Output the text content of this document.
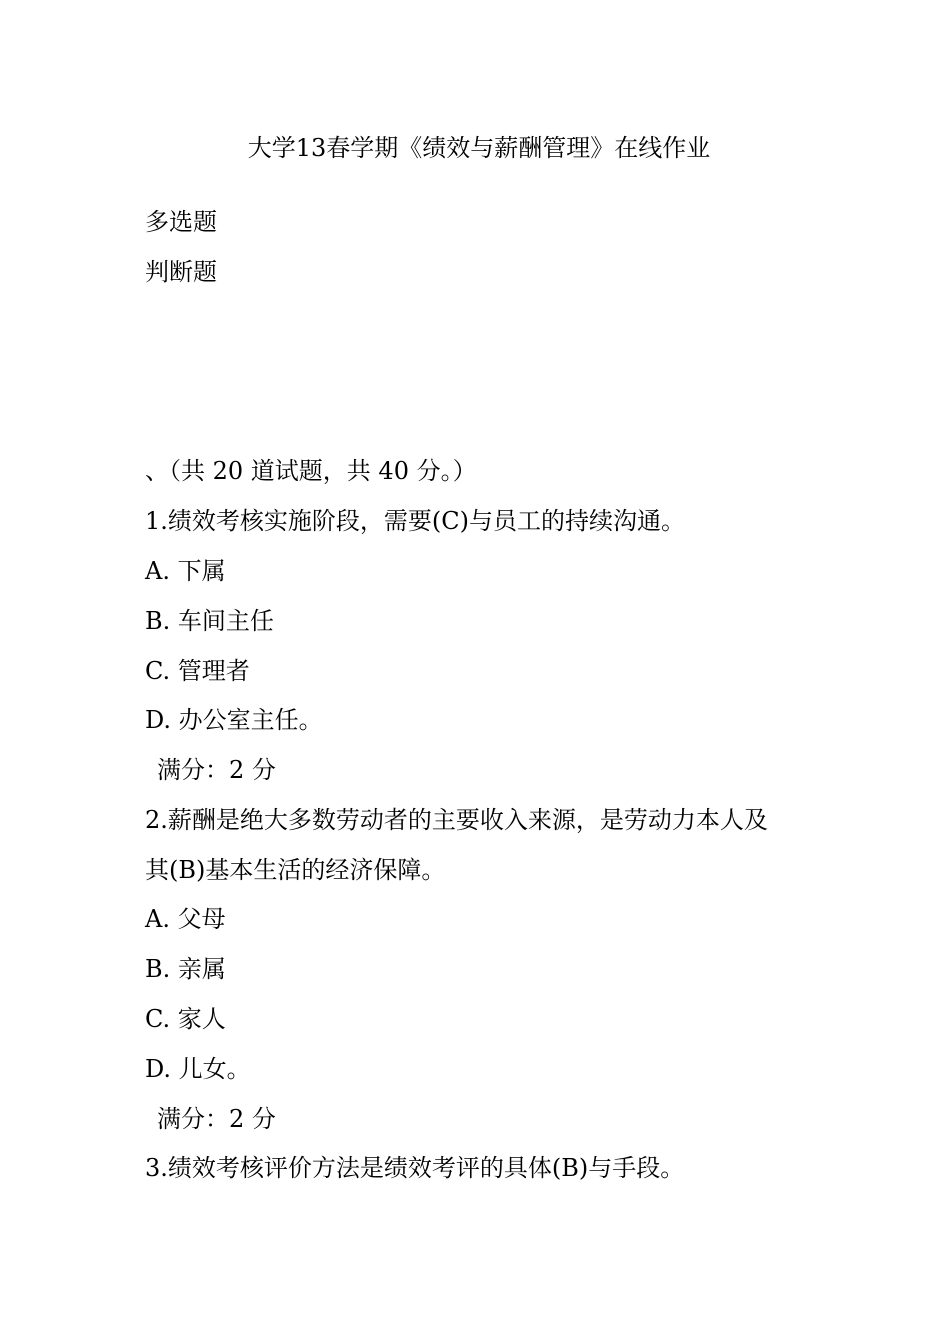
大学13春学期《绩效与薪酬管理》在线作业
多选题
判断题
、（共 20 道试题，共 40 分。）
1.绩效考核实施阶段，需要(C)与员工的持续沟通。
A. 下属
B. 车间主任
C. 管理者
D. 办公室主任。
满分：2 分
2.薪酬是绝大多数劳动者的主要收入来源，是劳动力本人及
其(B)基本生活的经济保障。
A. 父母
B. 亲属
C. 家人
D. 儿女。
满分：2 分
3.绩效考核评价方法是绩效考评的具体(B)与手段。
